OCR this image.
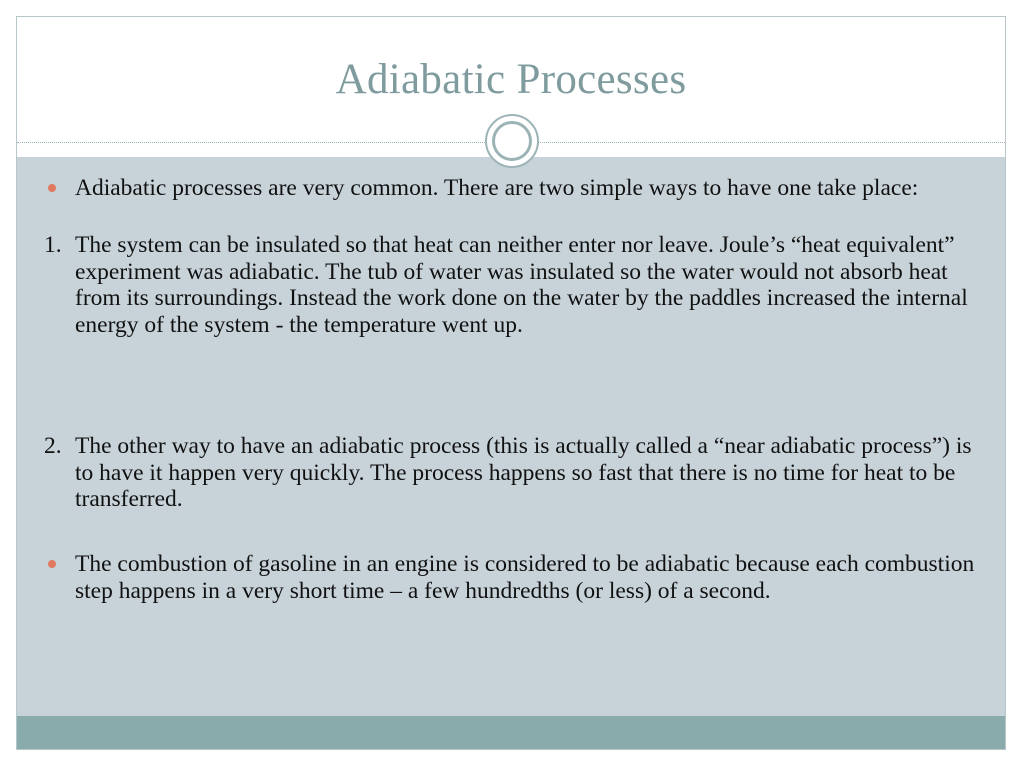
Adiabatic Processes

Adiabatic processes are very common. There are two simple ways to have one take place:

1. The system can be insulated so that heat can neither enter nor leave. Joule’s “heat equivalent” experiment was adiabatic. The tub of water was insulated so the water would not absorb heat from its surroundings. Instead the work done on the water by the paddles increased the internal energy of the system - the temperature went up.

2. The other way to have an adiabatic process (this is actually called a “near adiabatic process”) is to have it happen very quickly. The process happens so fast that there is no time for heat to be transferred.

The combustion of gasoline in an engine is considered to be adiabatic because each combustion step happens in a very short time – a few hundredths (or less) of a second.
